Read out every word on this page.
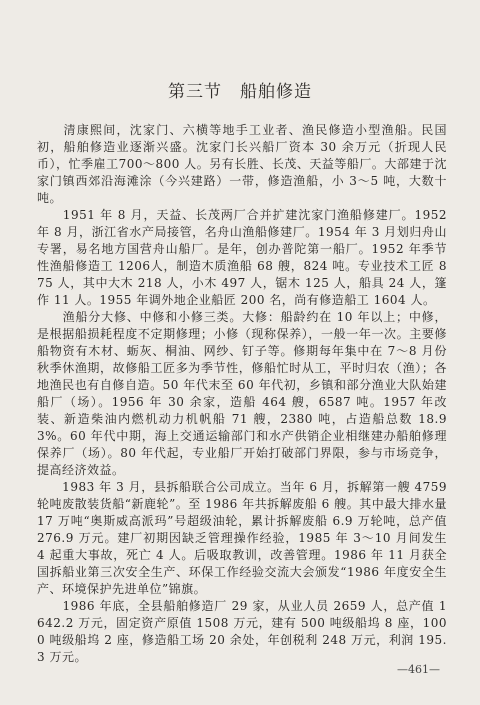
第三节　船舶修造

　　清康熙间，沈家门、六横等地手工业者、渔民修造小型渔船。民国初，船舶修造业逐渐兴盛。沈家门长兴船厂资本 30 余万元（折现人民币），忙季雇工700～800 人。另有长胜、长茂、天益等船厂。大部建于沈家门镇西郊沿海滩涂（今兴建路）一带，修造渔船，小 3～5 吨，大数十吨。

　　1951 年 8 月，天益、长茂两厂合并扩建沈家门渔船修建厂。1952 年 8 月，浙江省水产局接管，名舟山渔船修建厂。1954 年 3 月划归舟山专署，易名地方国营舟山船厂。是年，创办普陀第一船厂。1952 年季节性渔船修造工 1206人，制造木质渔船 68 艘，824 吨。专业技术工匠 875 人，其中大木 218 人，小木 497 人，锯木 125 人，船具 24 人，篷作 11 人。1955 年调外地企业船匠 200 名，尚有修造船工 1604 人。

　　渔船分大修、中修和小修三类。大修：船龄约在 10 年以上；中修，是根据船损耗程度不定期修理；小修（现称保养），一般一年一次。主要修船物资有木材、蛎灰、桐油、网纱、钉子等。修期每年集中在 7～8 月份秋季休渔期，故修船工匠多为季节性，修船忙时从工，平时归农（渔）；各地渔民也有自修自造。50 年代末至 60 年代初，乡镇和部分渔业大队始建船厂（场）。1956 年 30 余家，造船 464 艘，6587 吨。1957 年改装、新造柴油内燃机动力机帆船 71 艘，2380 吨，占造船总数 18.93%。60 年代中期，海上交通运输部门和水产供销企业相继建办船舶修理保养厂（场）。80 年代起，专业船厂开始打破部门界限，参与市场竞争，提高经济效益。

　　1983 年 3 月，县拆船联合公司成立。当年 6 月，拆解第一艘 4759 轮吨废散装货船“新鹿轮”。至 1986 年共拆解废船 6 艘。其中最大排水量 17 万吨“奥斯威高派玛”号超级油轮，累计拆解废船 6.9 万轮吨，总产值 276.9 万元。建厂初期因缺乏管理操作经验，1985 年 3～10 月间发生 4 起重大事故，死亡 4 人。后吸取教训，改善管理。1986 年 11 月获全国拆船业第三次安全生产、环保工作经验交流大会颁发“1986 年度安全生产、环境保护先进单位”锦旗。

　　1986 年底，全县船舶修造厂 29 家，从业人员 2659 人，总产值 1642.2 万元，固定资产原值 1508 万元，建有 500 吨级船坞 8 座，1000 吨级船坞 2 座，修造船工场 20 余处，年创税利 248 万元，利润 195.3 万元。

—461—
